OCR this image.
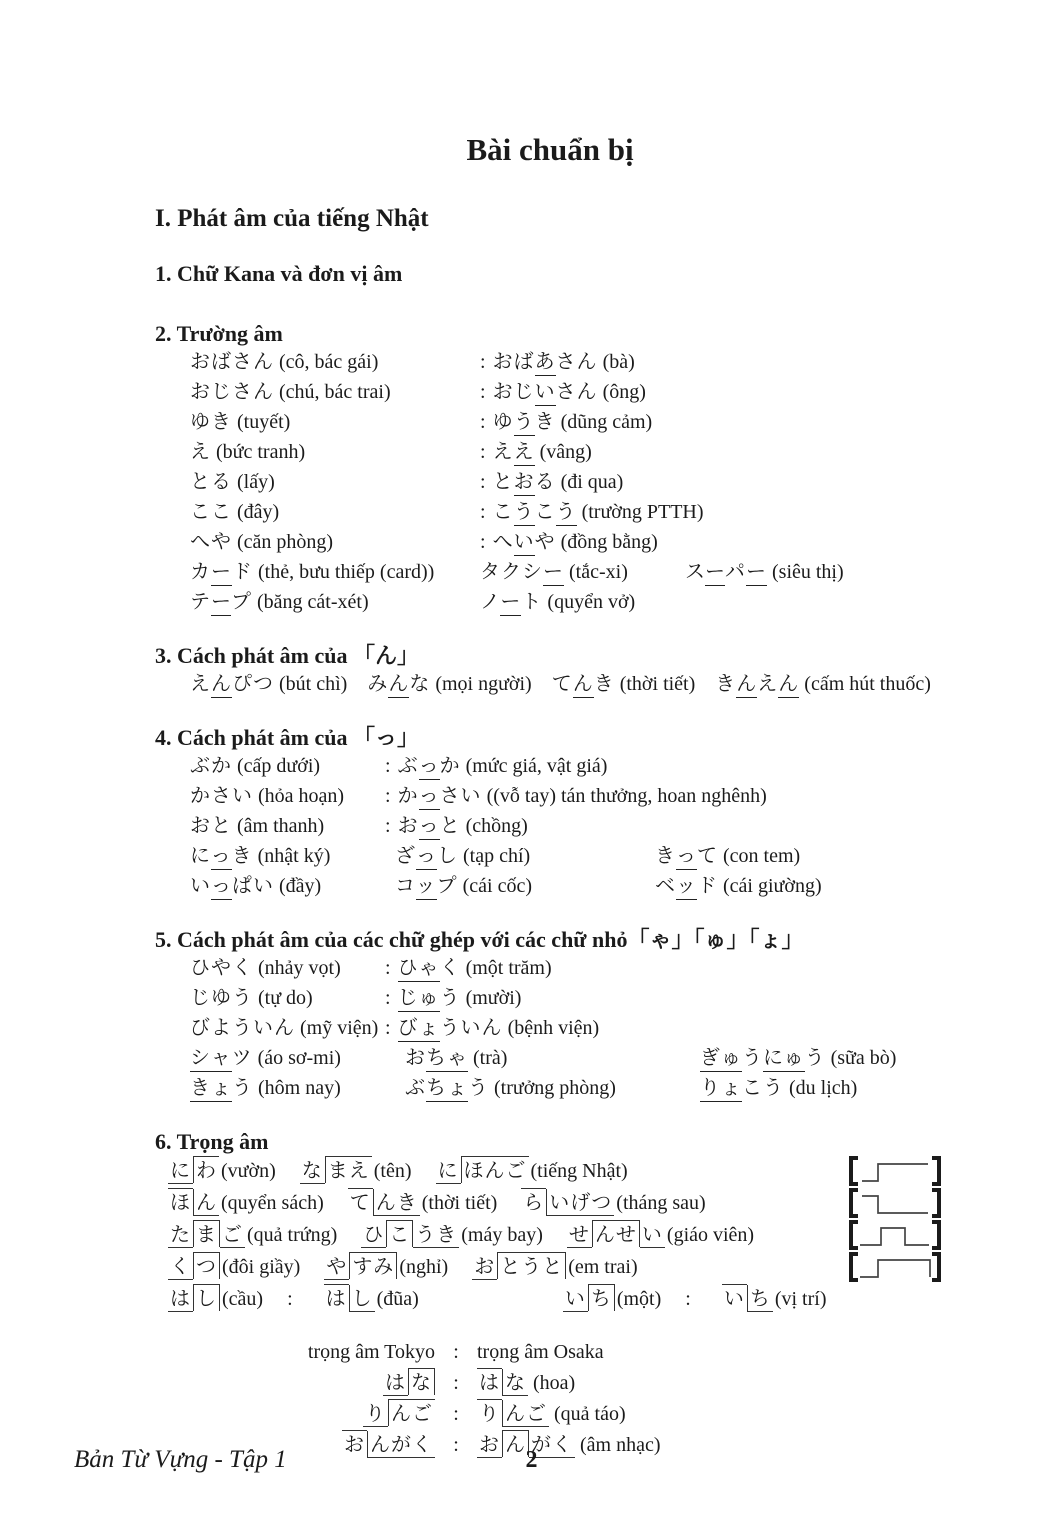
Bài chuẩn bị
I. Phát âm của tiếng Nhật
1. Chữ Kana và đơn vị âm
2. Trường âm
おばさん (cô, bác gái)	: おばあさん (bà)
おじさん (chú, bác trai)	: おじいさん (ông)
ゆき (tuyết)	: ゆうき (dũng cảm)
え (bức tranh)	: ええ (vâng)
とる (lấy)	: とおる (đi qua)
ここ (đây)	: こうこう (trường PTTH)
へや (căn phòng)	: へいや (đồng bằng)
カード (thẻ, bưu thiếp (card))	タクシー (tắc-xi)	スーパー (siêu thị)
テープ (băng cát-xét)	ノート (quyển vở)
3. Cách phát âm của 「ん」
えんぴつ (bút chì) みんな (mọi người) てんき (thời tiết) きんえん (cấm hút thuốc)
4. Cách phát âm của 「っ」
ぶか (cấp dưới)	: ぶっか (mức giá, vật giá)
かさい (hỏa hoạn)	: かっさい ((vỗ tay) tán thưởng, hoan nghênh)
おと (âm thanh)	: おっと (chồng)
にっき (nhật ký)	ざっし (tạp chí)	きって (con tem)
いっぱい (đầy)	コップ (cái cốc)	ベッド (cái giường)
5. Cách phát âm của các chữ ghép với các chữ nhỏ「ゃ」「ゅ」「ょ」
ひやく (nhảy vọt)	: ひゃく (một trăm)
じゆう (tự do)	: じゅう (mười)
びよういん (mỹ viện) : びょういん (bệnh viện)
シャツ (áo sơ-mi)	おちゃ (trà)	ぎゅうにゅう (sữa bò)
きょう (hôm nay)	ぶちょう (trưởng phòng)	りょこう (du lịch)
6. Trọng âm
に わ (vườn) な まえ (tên) に ほんご (tiếng Nhật)
ほ ん (quyển sách) て んき (thời tiết) ら いげつ (tháng sau)
た ま ご (quả trứng) ひ こ うき (máy bay) せ んせ い (giáo viên)
く つ (đôi giầy) や すみ (nghỉ) お とうと (em trai)
は し (cầu) : は し (đũa)	い ち (một) : い ち (vị trí)
trọng âm Tokyo : trọng âm Osaka
は な	:	は な (hoa)
り んご	:	り んご (quả táo)
お んがく	:	お ん がく (âm nhạc)
Bản Từ Vựng - Tập 1	2
